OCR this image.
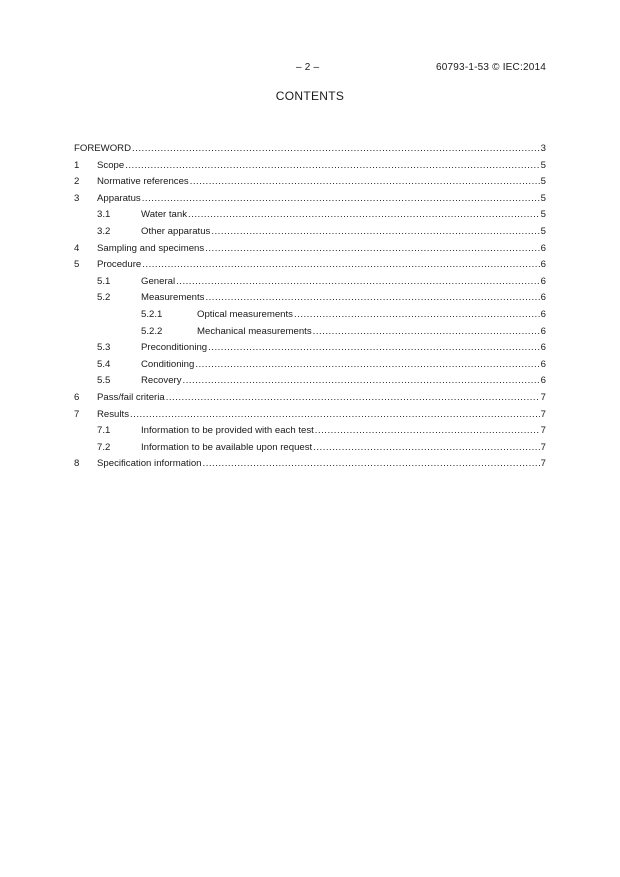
– 2 –	60793-1-53 © IEC:2014
CONTENTS
FOREWORD .....	3
1 Scope .....	5
2 Normative references .....	5
3 Apparatus .....	5
3.1	Water tank .....	5
3.2	Other apparatus .....	5
4 Sampling and specimens .....	6
5 Procedure .....	6
5.1	General .....	6
5.2	Measurements .....	6
5.2.1	Optical measurements .....	6
5.2.2	Mechanical measurements .....	6
5.3	Preconditioning .....	6
5.4	Conditioning .....	6
5.5	Recovery .....	6
6 Pass/fail criteria .....	7
7 Results .....	7
7.1	Information to be provided with each test .....	7
7.2	Information to be available upon request .....	7
8 Specification information .....	7
